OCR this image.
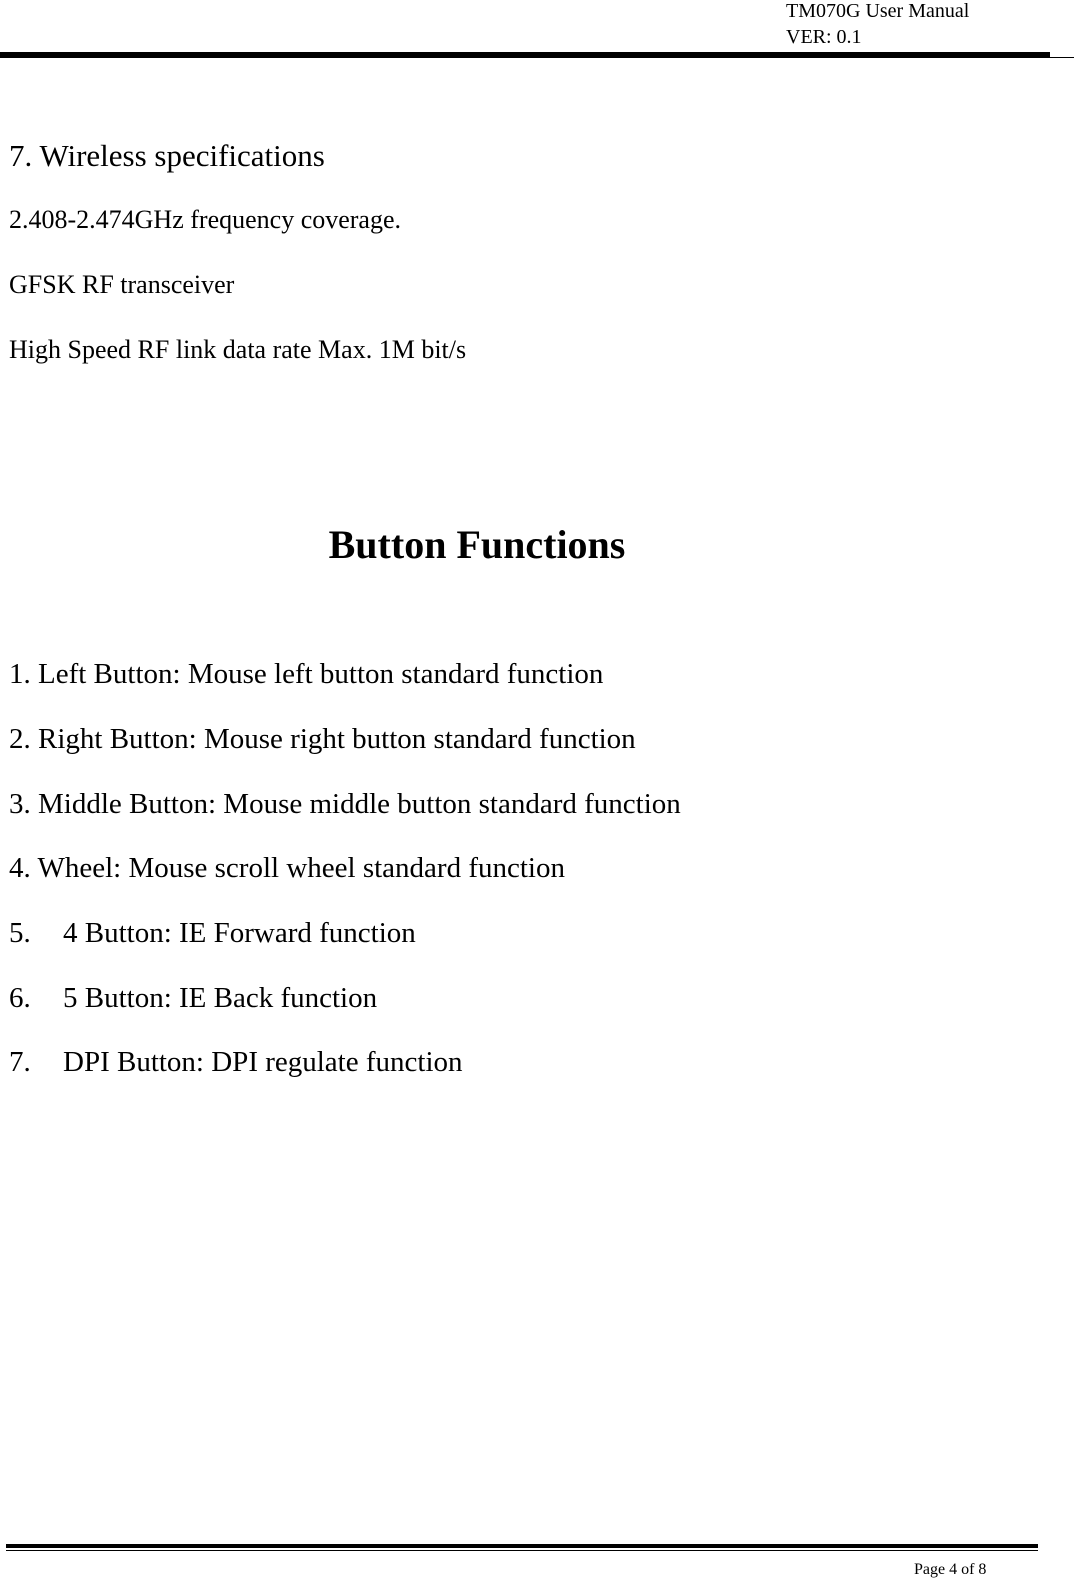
TM070G User Manual
VER: 0.1
7. Wireless specifications
2.408-2.474GHz frequency coverage.
GFSK RF transceiver
High Speed RF link data rate Max. 1M bit/s
Button Functions
1. Left Button: Mouse left button standard function
2. Right Button: Mouse right button standard function
3. Middle Button: Mouse middle button standard function
4. Wheel: Mouse scroll wheel standard function
5. 4 Button: IE Forward function
6. 5 Button: IE Back function
7. DPI Button: DPI regulate function
Page 4 of 8
